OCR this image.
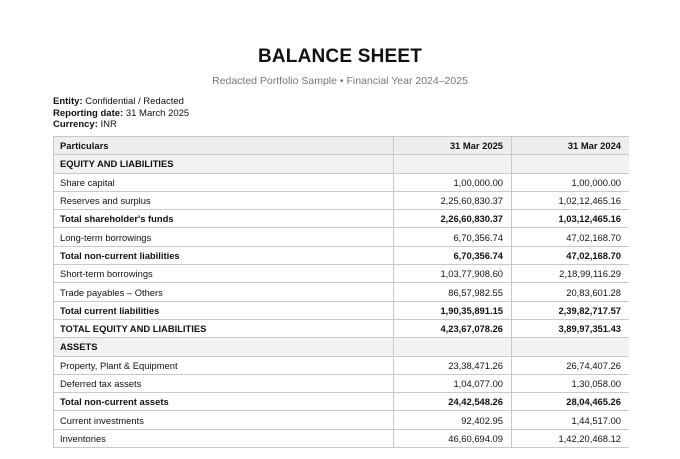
BALANCE SHEET
Redacted Portfolio Sample • Financial Year 2024–2025
Entity: Confidential / Redacted
Reporting date: 31 March 2025
Currency: INR
Particulars	31 Mar 2025	31 Mar 2024
EQUITY AND LIABILITIES		
Share capital	1,00,000.00	1,00,000.00
Reserves and surplus	2,25,60,830.37	1,02,12,465.16
Total shareholder's funds	2,26,60,830.37	1,03,12,465.16
Long-term borrowings	6,70,356.74	47,02,168.70
Total non-current liabilities	6,70,356.74	47,02,168.70
Short-term borrowings	1,03,77,908.60	2,18,99,116.29
Trade payables – Others	86,57,982.55	20,83,601.28
Total current liabilities	1,90,35,891.15	2,39,82,717.57
TOTAL EQUITY AND LIABILITIES	4,23,67,078.26	3,89,97,351.43
ASSETS		
Property, Plant & Equipment	23,38,471.26	26,74,407.26
Deferred tax assets	1,04,077.00	1,30,058.00
Total non-current assets	24,42,548.26	28,04,465.26
Current investments	92,402.95	1,44,517.00
Inventories	46,60,694.09	1,42,20,468.12
